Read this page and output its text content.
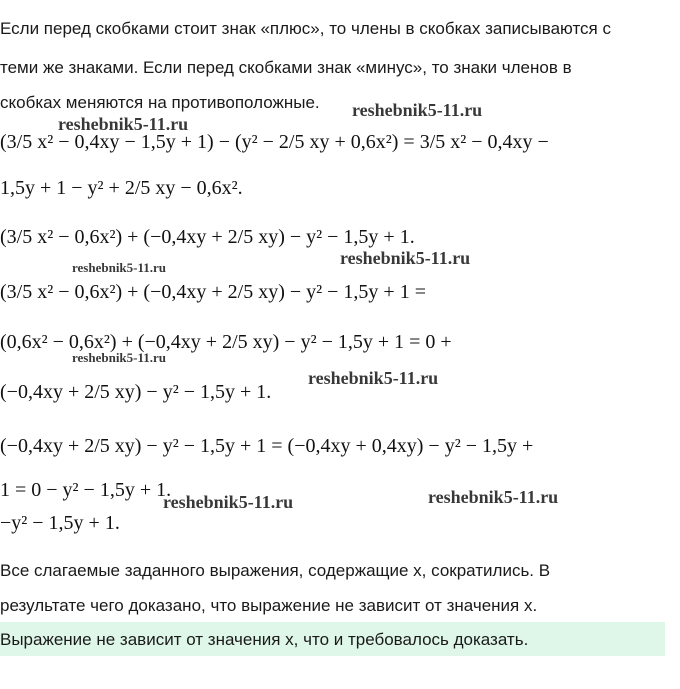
Если перед скобками стоит знак «плюс», то члены в скобках записываются с
теми же знаками. Если перед скобками знак «минус», то знаки членов в
скобках меняются на противоположные.
(3/5 x² − 0,4xy − 1,5y + 1) − (y² − 2/5 xy + 0,6x²) = 3/5 x² − 0,4xy −
1,5y + 1 − y² + 2/5 xy − 0,6x².
(3/5 x² − 0,6x²) + (−0,4xy + 2/5 xy) − y² − 1,5y + 1.
(3/5 x² − 0,6x²) + (−0,4xy + 2/5 xy) − y² − 1,5y + 1 =
(0,6x² − 0,6x²) + (−0,4xy + 2/5 xy) − y² − 1,5y + 1 = 0 +
(−0,4xy + 2/5 xy) − y² − 1,5y + 1.
(−0,4xy + 2/5 xy) − y² − 1,5y + 1 = (−0,4xy + 0,4xy) − y² − 1,5y +
1 = 0 − y² − 1,5y + 1.
−y² − 1,5y + 1.
Все слагаемые заданного выражения, содержащие x, сократились. В
результате чего доказано, что выражение не зависит от значения x.
Выражение не зависит от значения x, что и требовалось доказать.
reshebnik5-11.ru
reshebnik5-11.ru
reshebnik5-11.ru	reshebnik5-11.ru
reshebnik5-11.ru
reshebnik5-11.ru
reshebnik5-11.ru	reshebnik5-11.ru
